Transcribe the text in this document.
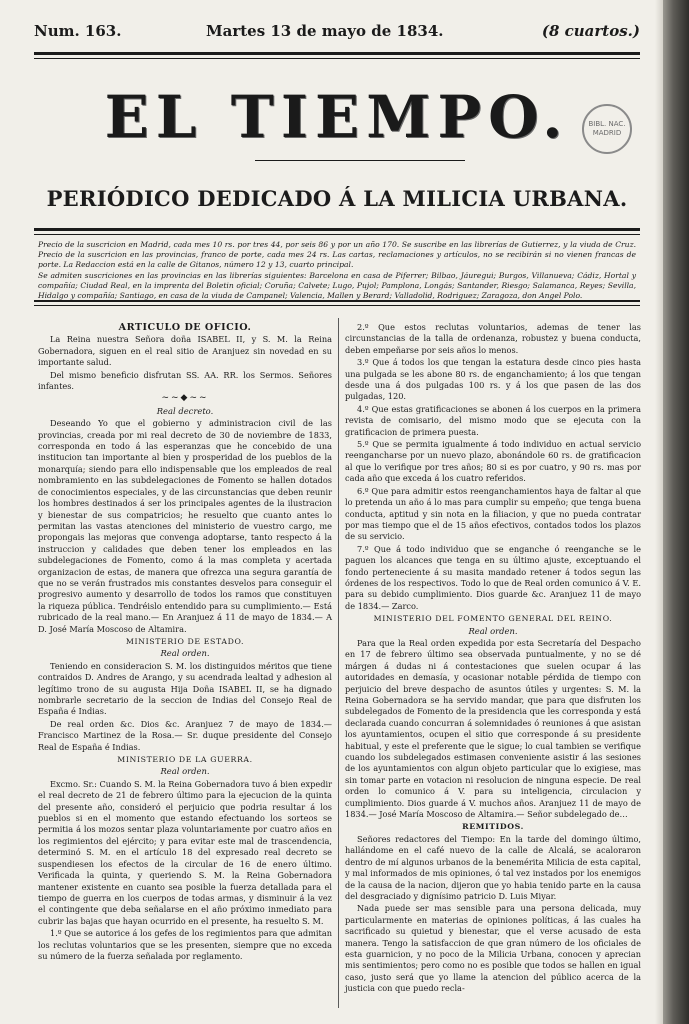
Num. 163.	Martes 13 de mayo de 1834.	(8 cuartos.)
EL TIEMPO.	BIBL. NAC. MADRID
PERIÓDICO DEDICADO Á LA MILICIA URBANA.

Precio de la suscricion en Madrid, cada mes 10 rs. por tres 44, por seis 86 y por un año 170. Se suscribe en las librerías de Gutierrez, y la viuda de Cruz. Precio de la suscricion en las provincias, franco de porte, cada mes 24 rs. Las cartas, reclamaciones y artículos, no se recibirán si no vienen francas de porte. La Redaccion está en la calle de Gitanos, número 12 y 13, cuarto principal.

Se admiten suscriciones en las provincias en las librerías siguientes: Barcelona en casa de Piferrer; Bilbao, Jáuregui; Burgos, Villanueva; Cádiz, Hortal y compañía; Ciudad Real, en la imprenta del Boletin oficial; Coruña; Calvete; Lugo, Pujol; Pamplona, Longás; Santander, Riesgo; Salamanca, Reyes; Sevilla, Hidalgo y compañía; Santiago, en casa de la viuda de Campanel; Valencia, Mallen y Berard; Valladolid, Rodriguez; Zaragoza, don Angel Polo.

ARTICULO DE OFICIO.

La Reina nuestra Señora doña ISABEL II, y S. M. la Reina Gobernadora, siguen en el real sitio de Aranjuez sin novedad en su importante salud.

Del mismo beneficio disfrutan SS. AA. RR. los Sermos. Señores infantes.

~~◆~~

Real decreto.

Deseando Yo que el gobierno y administracion civil de las provincias, creada por mi real decreto de 30 de noviembre de 1833, corresponda en todo á las esperanzas que he concebido de una institucion tan importante al bien y prosperidad de los pueblos de la monarquía; siendo para ello indispensable que los empleados de real nombramiento en las subdelegaciones de Fomento se hallen dotados de conocimientos especiales, y de las circunstancias que deben reunir los hombres destinados á ser los principales agentes de la ilustracion y bienestar de sus compatricios; he resuelto que cuanto antes lo permitan las vastas atenciones del ministerio de vuestro cargo, me propongais las mejoras que convenga adoptarse, tanto respecto á la instruccion y calidades que deben tener los empleados en las subdelegaciones de Fomento, como á la mas completa y acertada organizacion de estas, de manera que ofrezca una segura garantía de que no se verán frustrados mis constantes desvelos para conseguir el progresivo aumento y desarrollo de todos los ramos que constituyen la riqueza pública. Tendréislo entendido para su cumplimiento.— Está rubricado de la real mano.— En Aranjuez á 11 de mayo de 1834.— A D. José María Moscoso de Altamira.

MINISTERIO DE ESTADO.

Real orden.

Teniendo en consideracion S. M. los distinguidos méritos que tiene contraidos D. Andres de Arango, y su acendrada lealtad y adhesion al legítimo trono de su augusta Hija Doña ISABEL II, se ha dignado nombrarle secretario de la seccion de Indias del Consejo Real de España é Indias.

De real orden &c. Dios &c. Aranjuez 7 de mayo de 1834.— Francisco Martinez de la Rosa.— Sr. duque presidente del Consejo Real de España é Indias.

MINISTERIO DE LA GUERRA.

Real orden.

Excmo. Sr.: Cuando S. M. la Reina Gobernadora tuvo á bien expedir el real decreto de 21 de febrero último para la ejecucion de la quinta del presente año, consideró el perjuicio que podria resultar á los pueblos si en el momento que estando efectuando los sorteos se permitia á los mozos sentar plaza voluntariamente por cuatro años en los regimientos del ejército; y para evitar este mal de trascendencia, determinó S. M. en el artículo 18 del expresado real decreto se suspendiesen los efectos de la circular de 16 de enero último. Verificada la quinta, y queriendo S. M. la Reina Gobernadora mantener existente en cuanto sea posible la fuerza detallada para el tiempo de guerra en los cuerpos de todas armas, y disminuir á la vez el contingente que deba señalarse en el año próximo inmediato para cubrir las bajas que hayan ocurrido en el presente, ha resuelto S. M.

1.º Que se autorice á los gefes de los regimientos para que admitan los reclutas voluntarios que se les presenten, siempre que no exceda su número de la fuerza señalada por reglamento.

2.º Que estos reclutas voluntarios, ademas de tener las circunstancias de la talla de ordenanza, robustez y buena conducta, deben empeñarse por seis años lo menos.

3.º Que á todos los que tengan la estatura desde cinco pies hasta una pulgada se les abone 80 rs. de enganchamiento; á los que tengan desde una á dos pulgadas 100 rs. y á los que pasen de las dos pulgadas, 120.

4.º Que estas gratificaciones se abonen á los cuerpos en la primera revista de comisario, del mismo modo que se ejecuta con la gratificacion de primera puesta.

5.º Que se permita igualmente á todo individuo en actual servicio reengancharse por un nuevo plazo, abonándole 60 rs. de gratificacion al que lo verifique por tres años; 80 si es por cuatro, y 90 rs. mas por cada año que exceda á los cuatro referidos.

6.º Que para admitir estos reenganchamientos haya de faltar al que lo pretenda un año á lo mas para cumplir su empeño; que tenga buena conducta, aptitud y sin nota en la filiacion, y que no pueda contratar por mas tiempo que el de 15 años efectivos, contados todos los plazos de su servicio.

7.º Que á todo individuo que se enganche ó reenganche se le paguen los alcances que tenga en su último ajuste, exceptuando el fondo perteneciente á su masita mandado retener á todos segun las órdenes de los respectivos. Todo lo que de Real orden comunico á V. E. para su debido cumplimiento. Dios guarde &c. Aranjuez 11 de mayo de 1834.— Zarco.

MINISTERIO DEL FOMENTO GENERAL DEL REINO.

Real orden.

Para que la Real orden expedida por esta Secretaría del Despacho en 17 de febrero último sea observada puntualmente, y no se dé márgen á dudas ni á contestaciones que suelen ocupar á las autoridades en demasía, y ocasionar notable pérdida de tiempo con perjuicio del breve despacho de asuntos útiles y urgentes: S. M. la Reina Gobernadora se ha servido mandar, que para que disfruten los subdelegados de Fomento de la presidencia que les corresponda y está declarada cuando concurran á solemnidades ó reuniones á que asistan los ayuntamientos, ocupen el sitio que corresponde á su presidente habitual, y este el preferente que le sigue; lo cual tambien se verifique cuando los subdelegados estimasen conveniente asistir á las sesiones de los ayuntamientos con algun objeto particular que lo exigiese, mas sin tomar parte en votacion ni resolucion de ninguna especie. De real orden lo comunico á V. para su inteligencia, circulacion y cumplimiento. Dios guarde á V. muchos años. Aranjuez 11 de mayo de 1834.— José María Moscoso de Altamira.— Señor subdelegado de…

REMITIDOS.

Señores redactores del Tiempo: En la tarde del domingo último, hallándome en el café nuevo de la calle de Alcalá, se acaloraron dentro de mí algunos urbanos de la benemérita Milicia de esta capital, y mal informados de mis opiniones, ó tal vez instados por los enemigos de la causa de la nacion, dijeron que yo habia tenido parte en la causa del desgraciado y dignísimo patricio D. Luis Miyar.

Nada puede ser mas sensible para una persona delicada, muy particularmente en materias de opiniones políticas, á las cuales ha sacrificado su quietud y bienestar, que el verse acusado de esta manera. Tengo la satisfaccion de que gran número de los oficiales de esta guarnicion, y no poco de la Milicia Urbana, conocen y aprecian mis sentimientos; pero como no es posible que todos se hallen en igual caso, justo será que yo llame la atencion del público acerca de la justicia con que puedo recla-
